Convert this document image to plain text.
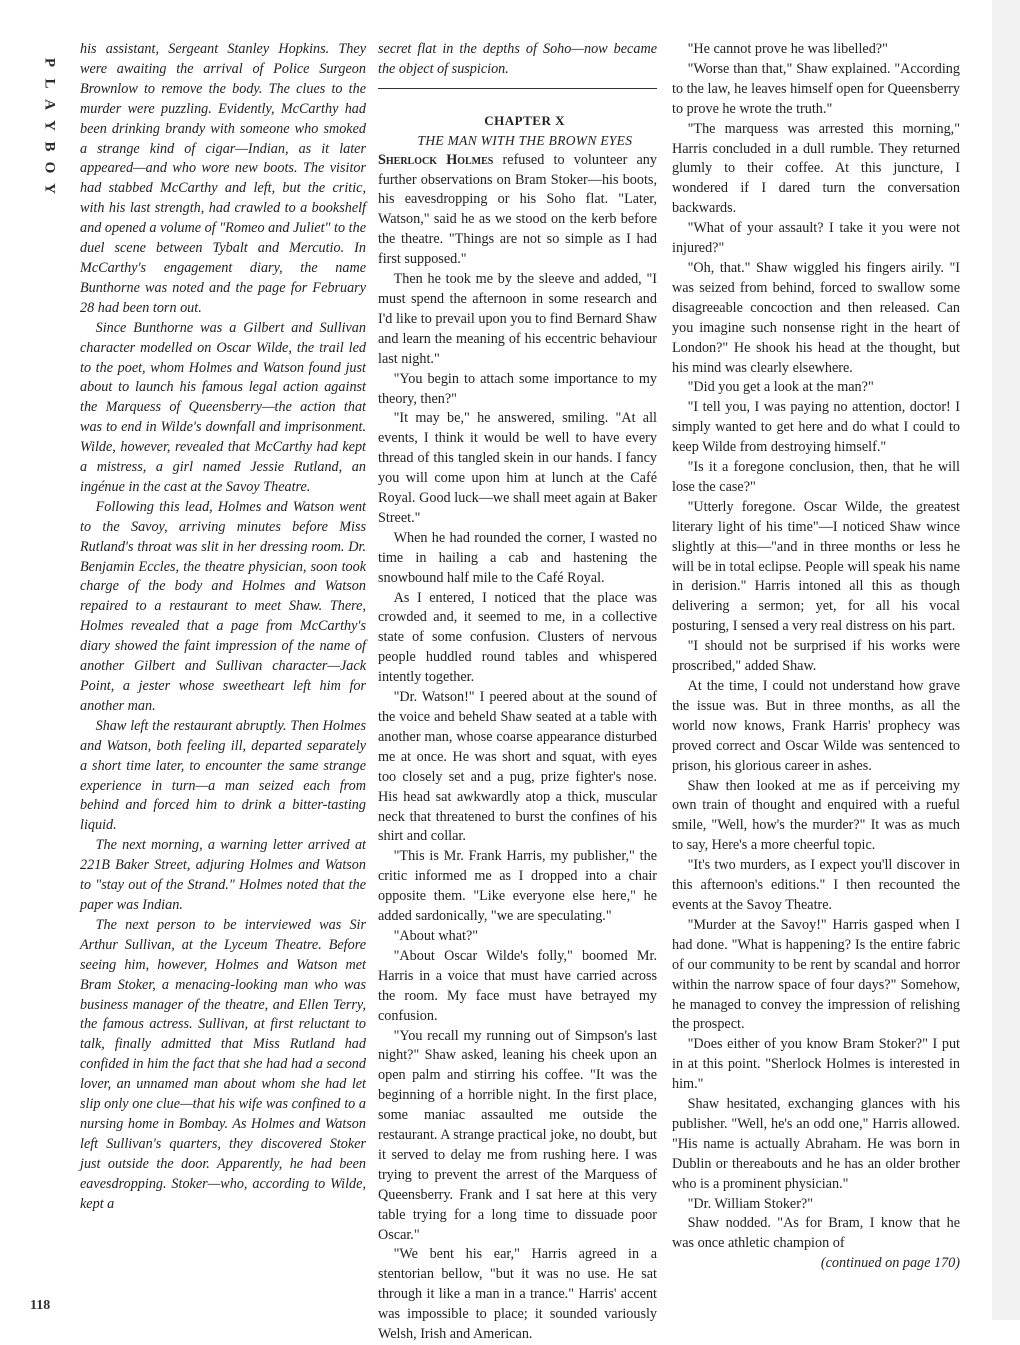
P
L
A
Y
B
O
Y
118

his assistant, Sergeant Stanley Hopkins. They were awaiting the arrival of Police Surgeon Brownlow to remove the body. The clues to the murder were puzzling. Evidently, McCarthy had been drinking brandy with someone who smoked a strange kind of cigar—Indian, as it later appeared—and who wore new boots. The visitor had stabbed McCarthy and left, but the critic, with his last strength, had crawled to a bookshelf and opened a volume of "Romeo and Juliet" to the duel scene between Tybalt and Mercutio. In McCarthy's engagement diary, the name Bunthorne was noted and the page for February 28 had been torn out.

Since Bunthorne was a Gilbert and Sullivan character modelled on Oscar Wilde, the trail led to the poet, whom Holmes and Watson found just about to launch his famous legal action against the Marquess of Queensberry—the action that was to end in Wilde's downfall and imprisonment. Wilde, however, revealed that McCarthy had kept a mistress, a girl named Jessie Rutland, an ingénue in the cast at the Savoy Theatre.

Following this lead, Holmes and Watson went to the Savoy, arriving minutes before Miss Rutland's throat was slit in her dressing room. Dr. Benjamin Eccles, the theatre physician, soon took charge of the body and Holmes and Watson repaired to a restaurant to meet Shaw. There, Holmes revealed that a page from McCarthy's diary showed the faint impression of the name of another Gilbert and Sullivan character—Jack Point, a jester whose sweetheart left him for another man.

Shaw left the restaurant abruptly. Then Holmes and Watson, both feeling ill, departed separately a short time later, to encounter the same strange experience in turn—a man seized each from behind and forced him to drink a bitter-tasting liquid.

The next morning, a warning letter arrived at 221B Baker Street, adjuring Holmes and Watson to "stay out of the Strand." Holmes noted that the paper was Indian.

The next person to be interviewed was Sir Arthur Sullivan, at the Lyceum Theatre. Before seeing him, however, Holmes and Watson met Bram Stoker, a menacing-looking man who was business manager of the theatre, and Ellen Terry, the famous actress. Sullivan, at first reluctant to talk, finally admitted that Miss Rutland had confided in him the fact that she had had a second lover, an unnamed man about whom she had let slip only one clue—that his wife was confined to a nursing home in Bombay. As Holmes and Watson left Sullivan's quarters, they discovered Stoker just outside the door. Apparently, he had been eavesdropping. Stoker—who, according to Wilde, kept a

secret flat in the depths of Soho—now became the object of suspicion.

CHAPTER X

THE MAN WITH THE BROWN EYES

Sherlock Holmes refused to volunteer any further observations on Bram Stoker—his boots, his eavesdropping or his Soho flat. "Later, Watson," said he as we stood on the kerb before the theatre. "Things are not so simple as I had first supposed."

Then he took me by the sleeve and added, "I must spend the afternoon in some research and I'd like to prevail upon you to find Bernard Shaw and learn the meaning of his eccentric behaviour last night."

"You begin to attach some importance to my theory, then?"

"It may be," he answered, smiling. "At all events, I think it would be well to have every thread of this tangled skein in our hands. I fancy you will come upon him at lunch at the Café Royal. Good luck—we shall meet again at Baker Street."

When he had rounded the corner, I wasted no time in hailing a cab and hastening the snowbound half mile to the Café Royal.

As I entered, I noticed that the place was crowded and, it seemed to me, in a collective state of some confusion. Clusters of nervous people huddled round tables and whispered intently together.

"Dr. Watson!" I peered about at the sound of the voice and beheld Shaw seated at a table with another man, whose coarse appearance disturbed me at once. He was short and squat, with eyes too closely set and a pug, prize fighter's nose. His head sat awkwardly atop a thick, muscular neck that threatened to burst the confines of his shirt and collar.

"This is Mr. Frank Harris, my publisher," the critic informed me as I dropped into a chair opposite them. "Like everyone else here," he added sardonically, "we are speculating."

"About what?"

"About Oscar Wilde's folly," boomed Mr. Harris in a voice that must have carried across the room. My face must have betrayed my confusion.

"You recall my running out of Simpson's last night?" Shaw asked, leaning his cheek upon an open palm and stirring his coffee. "It was the beginning of a horrible night. In the first place, some maniac assaulted me outside the restaurant. A strange practical joke, no doubt, but it served to delay me from rushing here. I was trying to prevent the arrest of the Marquess of Queensberry. Frank and I sat here at this very table trying for a long time to dissuade poor Oscar."

"We bent his ear," Harris agreed in a stentorian bellow, "but it was no use. He sat through it like a man in a trance." Harris' accent was impossible to place; it sounded variously Welsh, Irish and American.

"He cannot prove he was libelled?"

"Worse than that," Shaw explained. "According to the law, he leaves himself open for Queensberry to prove he wrote the truth."

"The marquess was arrested this morning," Harris concluded in a dull rumble. They returned glumly to their coffee. At this juncture, I wondered if I dared turn the conversation backwards.

"What of your assault? I take it you were not injured?"

"Oh, that." Shaw wiggled his fingers airily. "I was seized from behind, forced to swallow some disagreeable concoction and then released. Can you imagine such nonsense right in the heart of London?" He shook his head at the thought, but his mind was clearly elsewhere.

"Did you get a look at the man?"

"I tell you, I was paying no attention, doctor! I simply wanted to get here and do what I could to keep Wilde from destroying himself."

"Is it a foregone conclusion, then, that he will lose the case?"

"Utterly foregone. Oscar Wilde, the greatest literary light of his time"—I noticed Shaw wince slightly at this—"and in three months or less he will be in total eclipse. People will speak his name in derision." Harris intoned all this as though delivering a sermon; yet, for all his vocal posturing, I sensed a very real distress on his part.

"I should not be surprised if his works were proscribed," added Shaw.

At the time, I could not understand how grave the issue was. But in three months, as all the world now knows, Frank Harris' prophecy was proved correct and Oscar Wilde was sentenced to prison, his glorious career in ashes.

Shaw then looked at me as if perceiving my own train of thought and enquired with a rueful smile, "Well, how's the murder?" It was as much to say, Here's a more cheerful topic.

"It's two murders, as I expect you'll discover in this afternoon's editions." I then recounted the events at the Savoy Theatre.

"Murder at the Savoy!" Harris gasped when I had done. "What is happening? Is the entire fabric of our community to be rent by scandal and horror within the narrow space of four days?" Somehow, he managed to convey the impression of relishing the prospect.

"Does either of you know Bram Stoker?" I put in at this point. "Sherlock Holmes is interested in him."

Shaw hesitated, exchanging glances with his publisher. "Well, he's an odd one," Harris allowed. "His name is actually Abraham. He was born in Dublin or thereabouts and he has an older brother who is a prominent physician."

"Dr. William Stoker?"

Shaw nodded. "As for Bram, I know that he was once athletic champion of

(continued on page 170)
